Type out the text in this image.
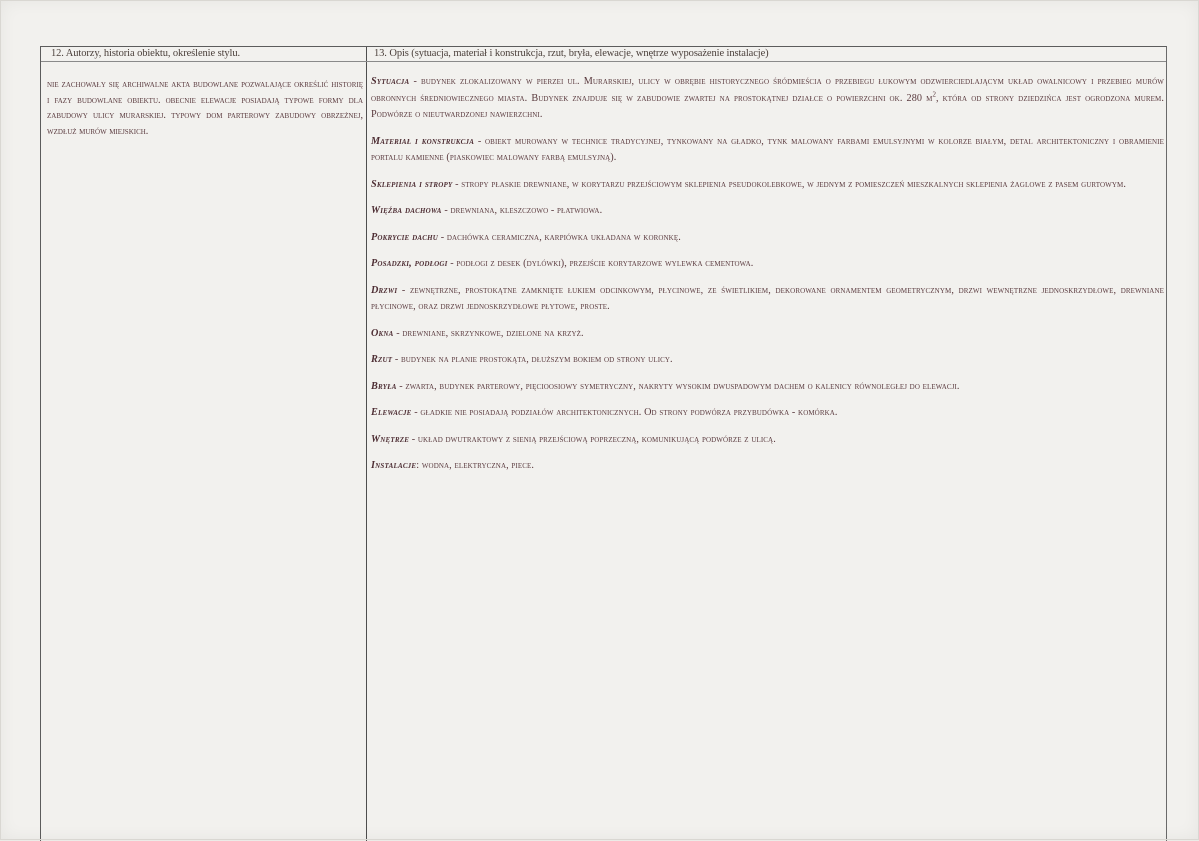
12. Autorzy, historia obiektu, określenie stylu.	13. Opis (sytuacja, materiał i konstrukcja, rzut, bryła, elewacje, wnętrze wyposażenie instalacje)
nie zachowały się archiwalne akta budowlane pozwalające określić historię i fazy budowlane obiektu. obecnie elewacje posiadają typowe formy dla zabudowy ulicy murarskiej. typowy dom parterowy zabudowy obrzeżnej, wzdłuż murów miejskich.

Sytuacja - budynek zlokalizowany w pierzei ul. Murarskiej, ulicy w obrębie historycznego śródmieścia o przebiegu łukowym odzwierciedlającym układ owalnicowy i przebieg murów obronnych średniowiecznego miasta. Budynek znajduje się w zabudowie zwartej na prostokątnej działce o powierzchni ok. 280 $m^2$, która od strony dziedzińca jest ogrodzona murem. Podwórze o nieutwardzonej nawierzchni.

Materiał i konstrukcja - obiekt murowany w technice tradycyjnej, tynkowany na gładko, tynk malowany farbami emulsyjnymi w kolorze białym, detal architektoniczny i obramienie portalu kamienne (piaskowiec malowany farbą emulsyjną).

Sklepienia i stropy - stropy płaskie drewniane, w korytarzu przejściowym sklepienia pseudokolebkowe, w jednym z pomieszczeń mieszkalnych sklepienia żaglowe z pasem gurtowym.

Więźba dachowa - drewniana, kleszczowo - płatwiowa.

Pokrycie dachu - dachówka ceramiczna, karpiówka układana w koronkę.

Posadzki, podłogi - podłogi z desek (dylówki), przejście korytarzowe wylewka cementowa.

Drzwi - zewnętrzne, prostokątne zamknięte łukiem odcinkowym, płycinowe, ze świetlikiem, dekorowane ornamentem geometrycznym, drzwi wewnętrzne jednoskrzydłowe, drewniane płycinowe, oraz drzwi jednoskrzydłowe płytowe, proste.

Okna - drewniane, skrzynkowe, dzielone na krzyż.

Rzut - budynek na planie prostokąta, dłuższym bokiem od strony ulicy.

Bryła - zwarta, budynek parterowy, pięcioosiowy symetryczny, nakryty wysokim dwuspadowym dachem o kalenicy równoległej do elewacji.

Elewacje - gładkie nie posiadają podziałów architektonicznych. Od strony podwórza przybudówka - komórka.

Wnętrze - układ dwutraktowy z sienią przejściową poprzeczną, komunikującą podwórze z ulicą.

Instalacje: wodna, elektryczna, piece.
